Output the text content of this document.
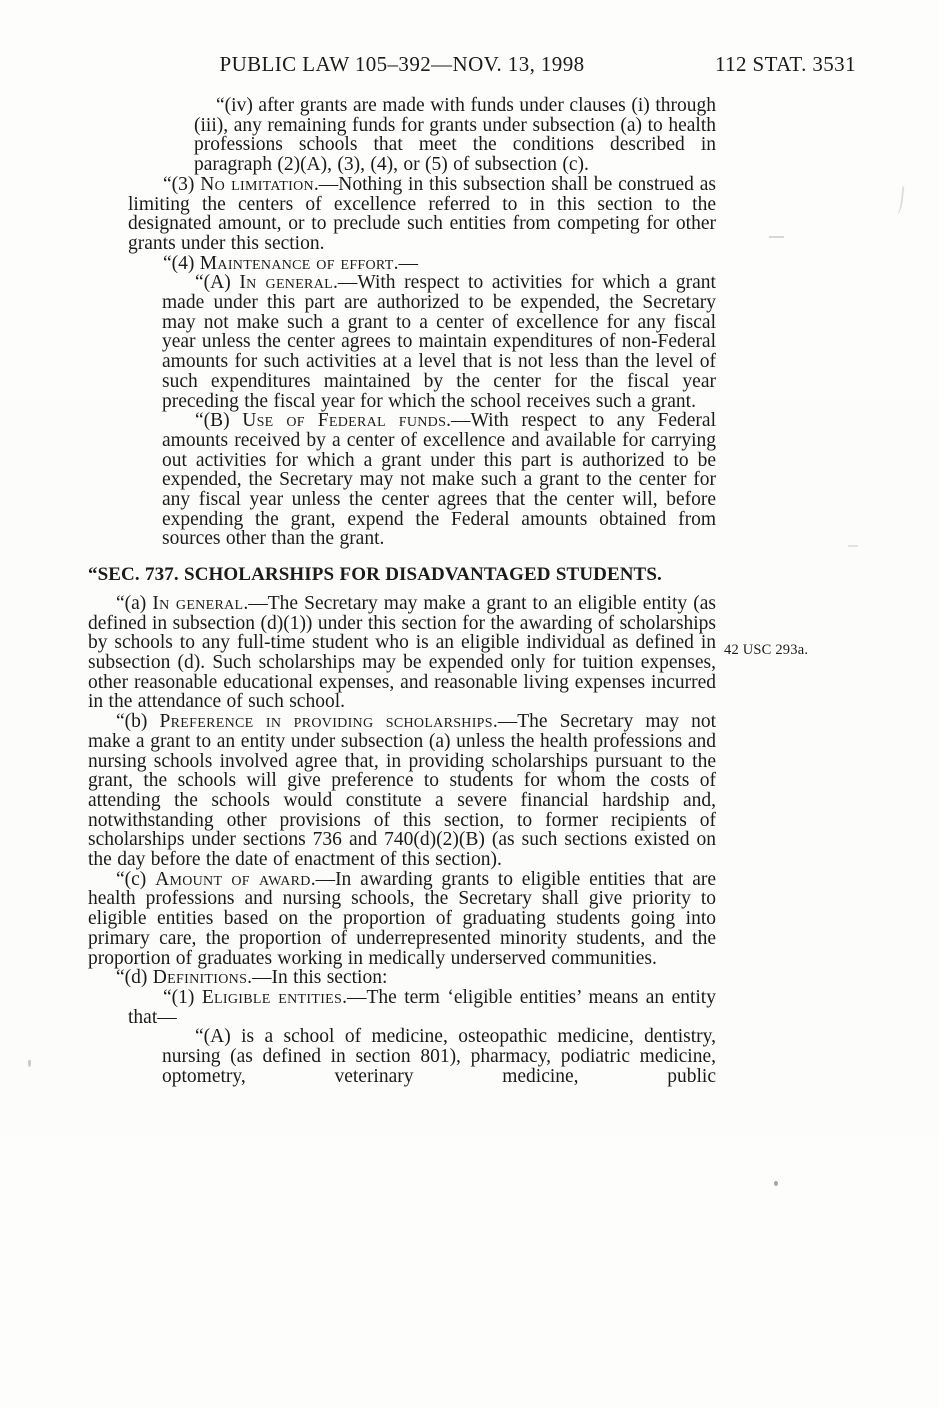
PUBLIC LAW 105–392—NOV. 13, 1998	112 STAT. 3531
42 USC 293a.

“(iv) after grants are made with funds under clauses (i) through (iii), any remaining funds for grants under subsection (a) to health professions schools that meet the conditions described in paragraph (2)(A), (3), (4), or (5) of subsection (c).

“(3) No limitation.—Nothing in this subsection shall be construed as limiting the centers of excellence referred to in this section to the designated amount, or to preclude such entities from competing for other grants under this section.

“(4) Maintenance of effort.—

“(A) In general.—With respect to activities for which a grant made under this part are authorized to be expended, the Secretary may not make such a grant to a center of excellence for any fiscal year unless the center agrees to maintain expenditures of non-Federal amounts for such activities at a level that is not less than the level of such expenditures maintained by the center for the fiscal year preceding the fiscal year for which the school receives such a grant.

“(B) Use of Federal funds.—With respect to any Federal amounts received by a center of excellence and available for carrying out activities for which a grant under this part is authorized to be expended, the Secretary may not make such a grant to the center for any fiscal year unless the center agrees that the center will, before expending the grant, expend the Federal amounts obtained from sources other than the grant.

“SEC. 737. SCHOLARSHIPS FOR DISADVANTAGED STUDENTS.

“(a) In general.—The Secretary may make a grant to an eligible entity (as defined in subsection (d)(1)) under this section for the awarding of scholarships by schools to any full-time student who is an eligible individual as defined in subsection (d). Such scholarships may be expended only for tuition expenses, other reasonable educational expenses, and reasonable living expenses incurred in the attendance of such school.

“(b) Preference in providing scholarships.—The Secretary may not make a grant to an entity under subsection (a) unless the health professions and nursing schools involved agree that, in providing scholarships pursuant to the grant, the schools will give preference to students for whom the costs of attending the schools would constitute a severe financial hardship and, notwithstanding other provisions of this section, to former recipients of scholarships under sections 736 and 740(d)(2)(B) (as such sections existed on the day before the date of enactment of this section).

“(c) Amount of award.—In awarding grants to eligible entities that are health professions and nursing schools, the Secretary shall give priority to eligible entities based on the proportion of graduating students going into primary care, the proportion of underrepresented minority students, and the proportion of graduates working in medically underserved communities.

“(d) Definitions.—In this section:

“(1) Eligible entities.—The term ‘eligible entities’ means an entity that—

“(A) is a school of medicine, osteopathic medicine, dentistry, nursing (as defined in section 801), pharmacy, podiatric medicine, optometry, veterinary medicine, public
